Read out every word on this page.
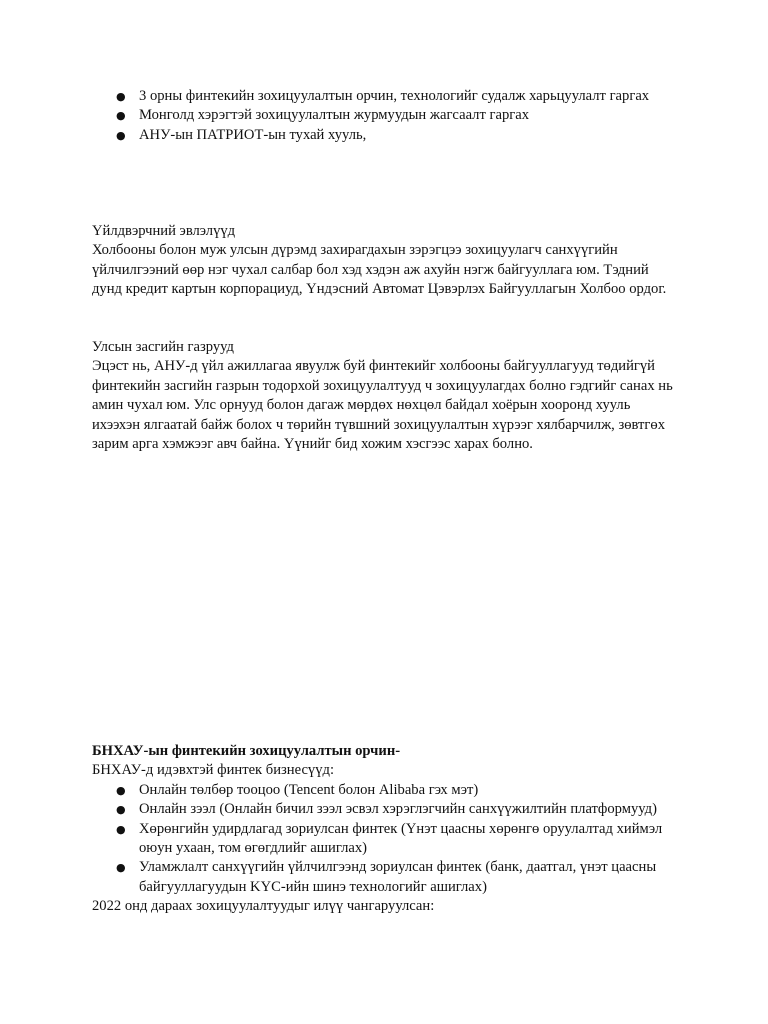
● 3 орны финтекийн зохицуулалтын орчин, технологийг судалж харьцуулалт гаргах
● Монголд хэрэгтэй зохицуулалтын журмуудын жагсаалт гаргах
● АНУ-ын ПАТРИОТ-ын тухай хууль,

Үйлдвэрчний эвлэлүүд

Холбооны болон муж улсын дүрэмд захирагдахын зэрэгцээ зохицуулагч санхүүгийн үйлчилгээний өөр нэг чухал салбар бол хэд хэдэн аж ахуйн нэгж байгууллага юм. Тэдний дунд кредит картын корпорациуд, Үндэсний Автомат Цэвэрлэх Байгууллагын Холбоо ордог.

Улсын засгийн газрууд

Эцэст нь, АНУ-д үйл ажиллагаа явуулж буй финтекийг холбооны байгууллагууд төдийгүй финтекийн засгийн газрын тодорхой зохицуулалтууд ч зохицуулагдах болно гэдгийг санах нь амин чухал юм. Улс орнууд болон дагаж мөрдөх нөхцөл байдал хоёрын хооронд хууль ихээхэн ялгаатай байж болох ч төрийн түвшний зохицуулалтын хүрээг хялбарчилж, зөвтгөх зарим арга хэмжээг авч байна. Үүнийг бид хожим хэсгээс харах болно.

БНХАУ-ын финтекийн зохицуулалтын орчин-

БНХАУ-д идэвхтэй финтек бизнесүүд:

● Онлайн төлбөр тооцоо (Tencent болон Alibaba гэх мэт)
● Онлайн зээл (Онлайн бичил зээл эсвэл хэрэглэгчийн санхүүжилтийн платформууд)
● Хөрөнгийн удирдлагад зориулсан финтек (Үнэт цаасны хөрөнгө оруулалтад хиймэл оюун ухаан, том өгөгдлийг ашиглах)
● Уламжлалт санхүүгийн үйлчилгээнд зориулсан финтек (банк, даатгал, үнэт цаасны байгууллагуудын KYC-ийн шинэ технологийг ашиглах)

2022 онд дараах зохицуулалтуудыг илүү чангаруулсан:
